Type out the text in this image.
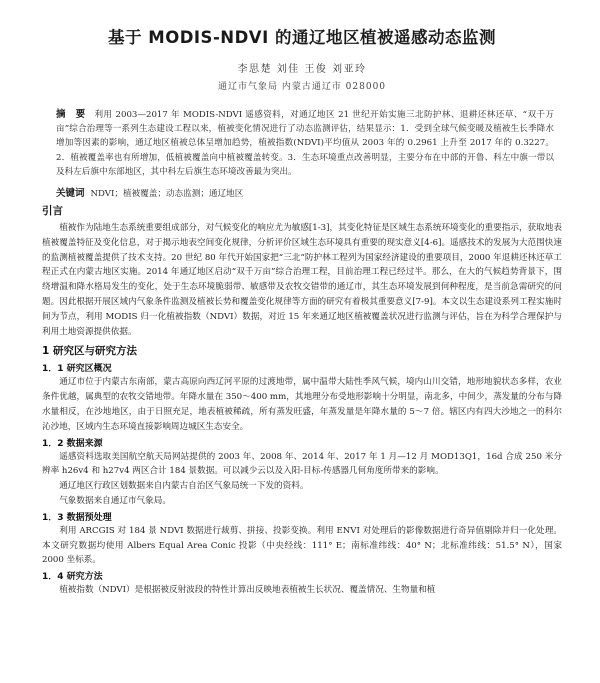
基于 MODIS-NDVI 的通辽地区植被遥感动态监测
李思楚 刘佳 王俊 刘亚玲
通辽市气象局 内蒙古通辽市 028000
摘 要 利用 2003—2017 年 MODIS-NDVI 遥感资料，对通辽地区 21 世纪开始实施三北防护林、退耕还林还草、“双千万亩”综合治理等一系列生态建设工程以来，植被变化情况进行了动态监测评估，结果显示：1．受到全球气候变暖及植被生长季降水增加等因素的影响，通辽地区植被总体呈增加趋势，植被指数(NDVI)平均值从 2003 年的 0.2961 上升至 2017 年的 0.3227。2．植被覆盖率也有所增加，低植被覆盖向中植被覆盖转变。3．生态环境重点改善明显，主要分布在中部的开鲁、科左中旗一带以及科左后旗中东部地区，其中科左后旗生态环境改善最为突出。
关键词 NDVI；植被覆盖；动态监测；通辽地区
引言

植被作为陆地生态系统重要组成部分，对气候变化的响应尤为敏感[1-3]，其变化特征是区域生态系统环境变化的重要指示，获取地表植被覆盖特征及变化信息，对于揭示地表空间变化规律，分析评价区域生态环境具有重要的现实意义[4-6]。遥感技术的发展为大范围快速的监测植被覆盖提供了技术支持。20 世纪 80 年代开始国家把“三北”防护林工程列为国家经济建设的重要项目，2000 年退耕还林还草工程正式在内蒙古地区实施。2014 年通辽地区启动“双千万亩”综合治理工程，目前治理工程已经过半。那么，在大的气候趋势背景下，围绕增温和降水格局发生的变化，处于生态环境脆弱带、敏感带及农牧交错带的通辽市，其生态环境发展到何种程度，是当前急需研究的问题。因此根据开展区域内气象条件监测及植被长势和覆盖变化规律等方面的研究有着极其重要意义[7-9]。本文以生态建设系列工程实施时间为节点，利用 MODIS 归一化植被指数（NDVI）数据，对近 15 年来通辽地区植被覆盖状况进行监测与评估，旨在为科学合理保护与利用土地资源提供依据。

1 研究区与研究方法
1．1 研究区概况

通辽市位于内蒙古东南部，蒙古高原向西辽河平原的过渡地带，属中温带大陆性季风气候，境内山川交错，地形地貌状态多样，农业条件优越，属典型的农牧交错地带。年降水量在 350～400 mm，其地理分布受地形影响十分明显，南北多，中间少，蒸发量的分布与降水量相反，在沙地地区，由于日照充足，地表植被稀疏，所有蒸发旺盛，年蒸发量是年降水量的 5～7 倍。辖区内有四大沙地之一的科尔沁沙地，区域内生态环境直接影响周边城区生态安全。

1．2 数据来源

遥感资料选取美国航空航天局网站提供的 2003 年、2008 年、2014 年、2017 年 1 月—12 月 MOD13Q1，16d 合成 250 米分辨率 h26v4 和 h27v4 两区合计 184 景数据。可以减少云以及入阳-目标-传感器几何角度所带来的影响。

通辽地区行政区划数据来自内蒙古自治区气象局统一下发的资料。

气象数据来自通辽市气象局。

1．3 数据预处理

利用 ARCGIS 对 184 景 NDVI 数据进行裁剪、拼接、投影变换。利用 ENVI 对处理后的影像数据进行奇异值剔除并归一化处理。本文研究数据均使用 Albers Equal Area Conic 投影（中央经线：111° E；南标准纬线：40° N；北标准纬线：51.5° N），国家 2000 坐标系。

1．4 研究方法

植被指数（NDVI）是根据被反射波段的特性计算出反映地表植被生长状况、覆盖情况、生物量和植
